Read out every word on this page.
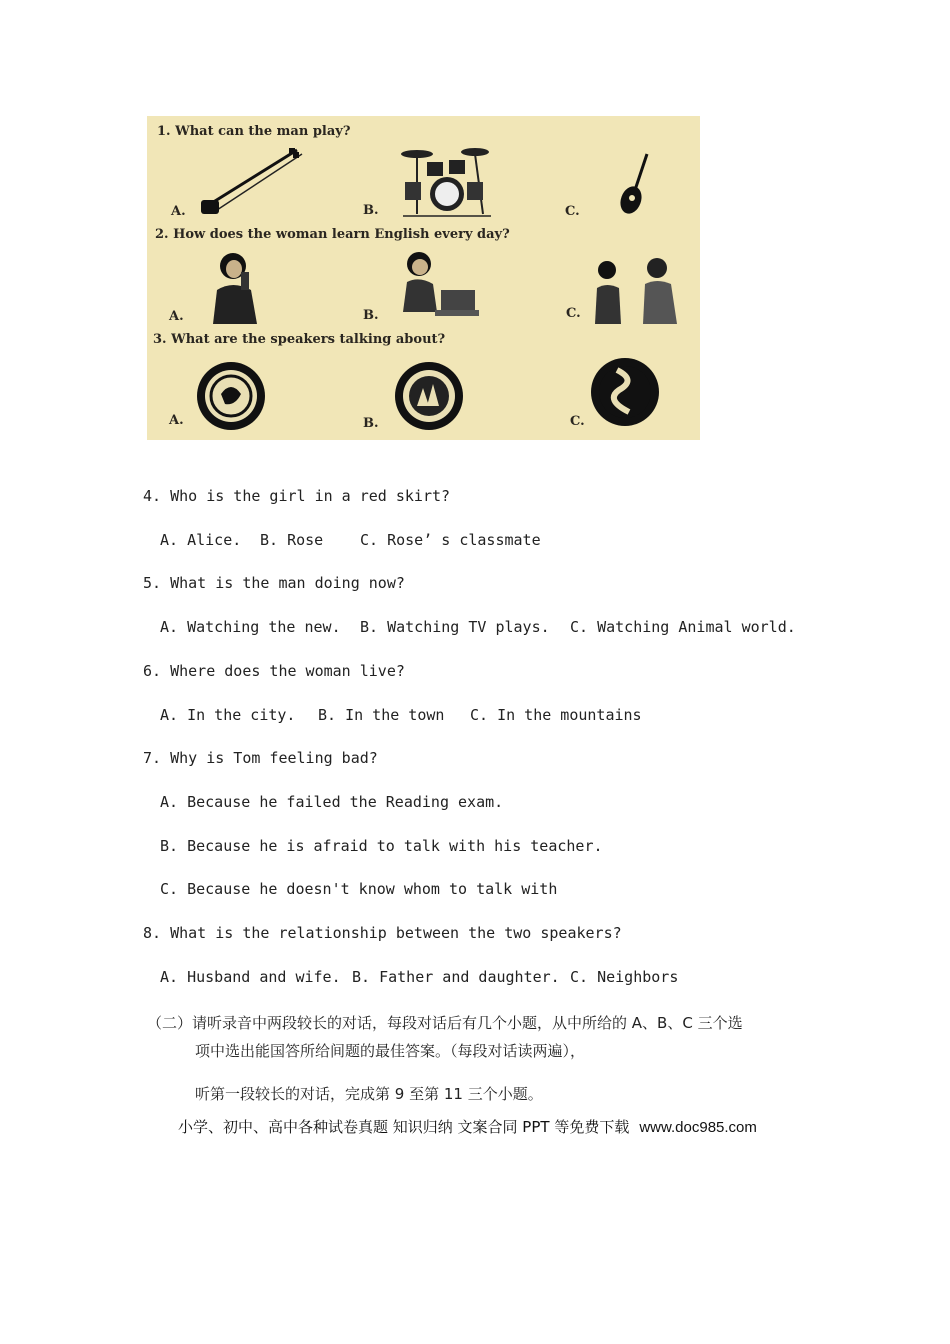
1. What can the man play?
2. How does the woman learn English every day?
3. What are the speakers talking about?
A.	B.	C.
A.	B.	C.
A.	B.	C.
4. Who is the girl in a red skirt?
A. Alice. B. Rose C. Rose’ s classmate
5. What is the man doing now?
A. Watching the new. B. Watching TV plays. C. Watching Animal world.
6. Where does the woman live?
A. In the city. B. In the town C. In the mountains
7. Why is Tom feeling bad?
A. Because he failed the Reading exam.
B. Because he is afraid to talk with his teacher.
C. Because he doesn't know whom to talk with
8. What is the relationship between the two speakers?
A. Husband and wife. B. Father and daughter. C. Neighbors
（二）请听录音中两段较长的对话，每段对话后有几个小题，从中所给的 A、B、C 三个选
项中选出能国答所给间题的最佳答案。（每段对话读两遍），
听第一段较长的对话，完成第 9 至第 11 三个小题。
小学、初中、高中各种试卷真题 知识归纳 文案合同 PPT 等免费下载 www.doc985.com
